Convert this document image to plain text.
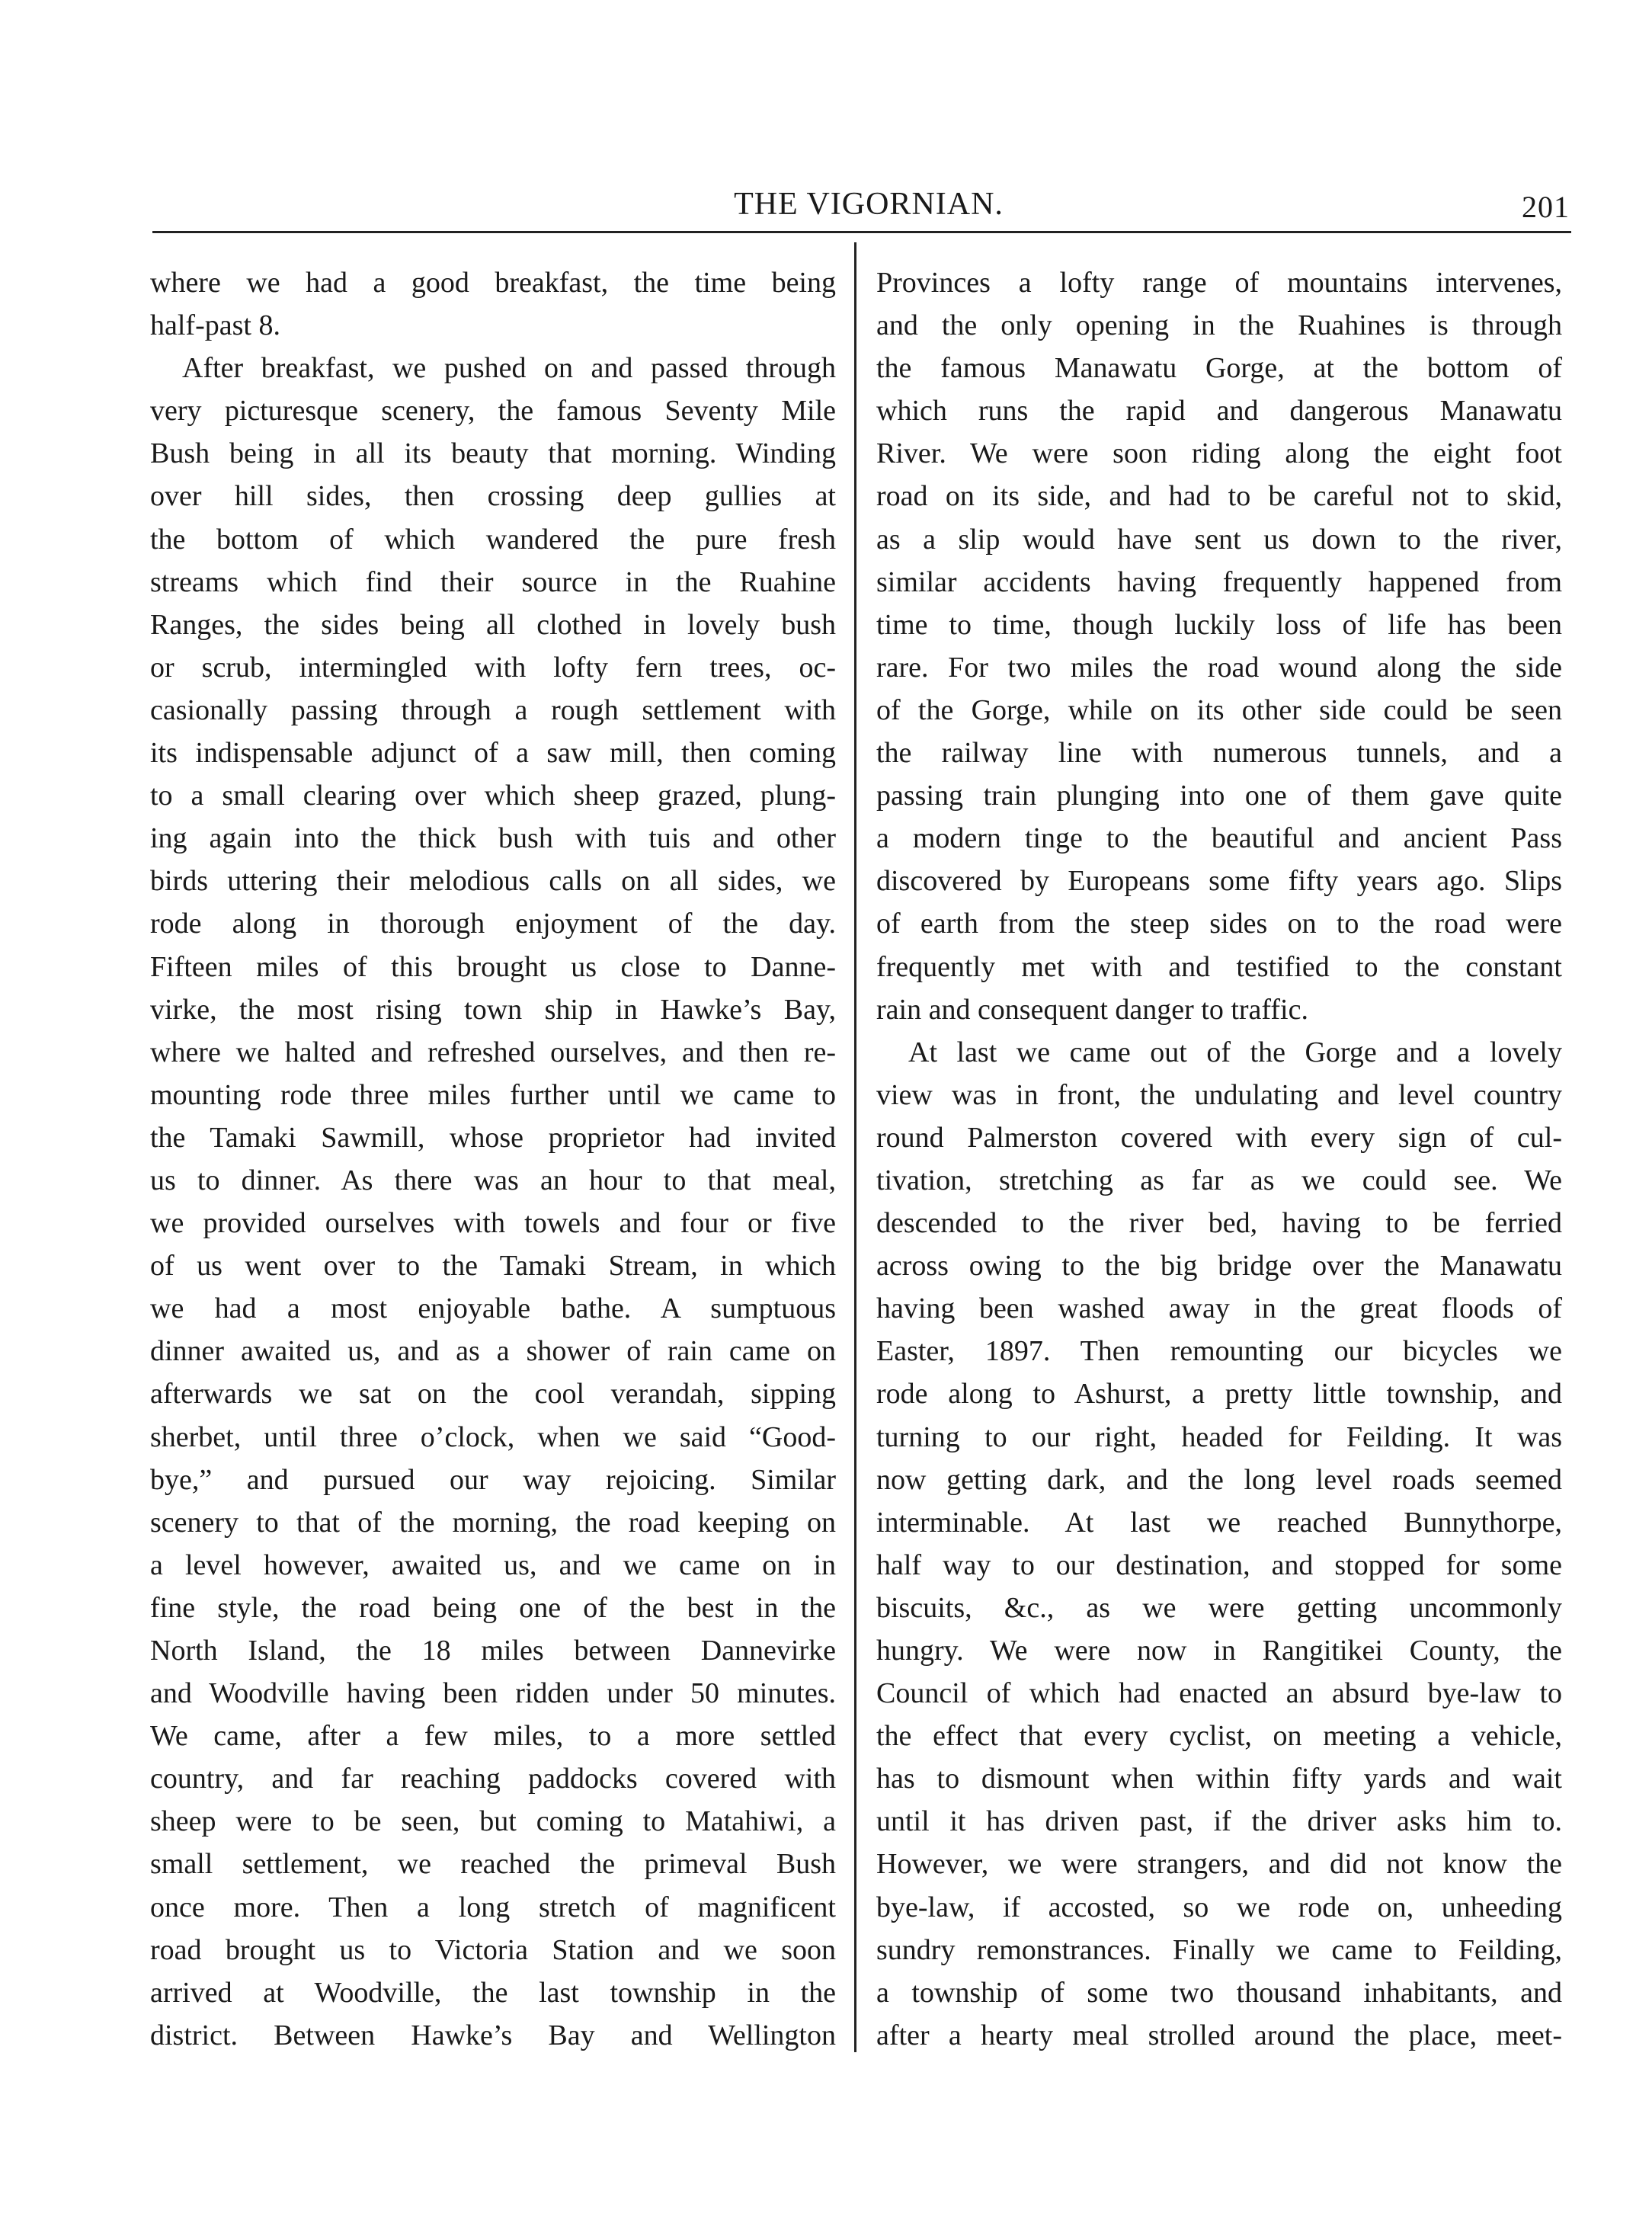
THE VIGORNIAN.	201
where we had a good breakfast, the time being
half-past 8.
After breakfast, we pushed on and passed through
very picturesque scenery, the famous Seventy Mile
Bush being in all its beauty that morning. Winding
over hill sides, then crossing deep gullies at
the bottom of which wandered the pure fresh
streams which find their source in the Ruahine
Ranges, the sides being all clothed in lovely bush
or scrub, intermingled with lofty fern trees, oc-
casionally passing through a rough settlement with
its indispensable adjunct of a saw mill, then coming
to a small clearing over which sheep grazed, plung-
ing again into the thick bush with tuis and other
birds uttering their melodious calls on all sides, we
rode along in thorough enjoyment of the day.
Fifteen miles of this brought us close to Danne-
virke, the most rising town ship in Hawke’s Bay,
where we halted and refreshed ourselves, and then re-
mounting rode three miles further until we came to
the Tamaki Sawmill, whose proprietor had invited
us to dinner. As there was an hour to that meal,
we provided ourselves with towels and four or five
of us went over to the Tamaki Stream, in which
we had a most enjoyable bathe. A sumptuous
dinner awaited us, and as a shower of rain came on
afterwards we sat on the cool verandah, sipping
sherbet, until three o’clock, when we said “Good-
bye,” and pursued our way rejoicing. Similar
scenery to that of the morning, the road keeping on
a level however, awaited us, and we came on in
fine style, the road being one of the best in the
North Island, the 18 miles between Dannevirke
and Woodville having been ridden under 50 minutes.
We came, after a few miles, to a more settled
country, and far reaching paddocks covered with
sheep were to be seen, but coming to Matahiwi, a
small settlement, we reached the primeval Bush
once more. Then a long stretch of magnificent
road brought us to Victoria Station and we soon
arrived at Woodville, the last township in the
district. Between Hawke’s Bay and Wellington
Provinces a lofty range of mountains intervenes,
and the only opening in the Ruahines is through
the famous Manawatu Gorge, at the bottom of
which runs the rapid and dangerous Manawatu
River. We were soon riding along the eight foot
road on its side, and had to be careful not to skid,
as a slip would have sent us down to the river,
similar accidents having frequently happened from
time to time, though luckily loss of life has been
rare. For two miles the road wound along the side
of the Gorge, while on its other side could be seen
the railway line with numerous tunnels, and a
passing train plunging into one of them gave quite
a modern tinge to the beautiful and ancient Pass
discovered by Europeans some fifty years ago. Slips
of earth from the steep sides on to the road were
frequently met with and testified to the constant
rain and consequent danger to traffic.
At last we came out of the Gorge and a lovely
view was in front, the undulating and level country
round Palmerston covered with every sign of cul-
tivation, stretching as far as we could see. We
descended to the river bed, having to be ferried
across owing to the big bridge over the Manawatu
having been washed away in the great floods of
Easter, 1897. Then remounting our bicycles we
rode along to Ashurst, a pretty little township, and
turning to our right, headed for Feilding. It was
now getting dark, and the long level roads seemed
interminable. At last we reached Bunnythorpe,
half way to our destination, and stopped for some
biscuits, &c., as we were getting uncommonly
hungry. We were now in Rangitikei County, the
Council of which had enacted an absurd bye-law to
the effect that every cyclist, on meeting a vehicle,
has to dismount when within fifty yards and wait
until it has driven past, if the driver asks him to.
However, we were strangers, and did not know the
bye-law, if accosted, so we rode on, unheeding
sundry remonstrances. Finally we came to Feilding,
a township of some two thousand inhabitants, and
after a hearty meal strolled around the place, meet-
